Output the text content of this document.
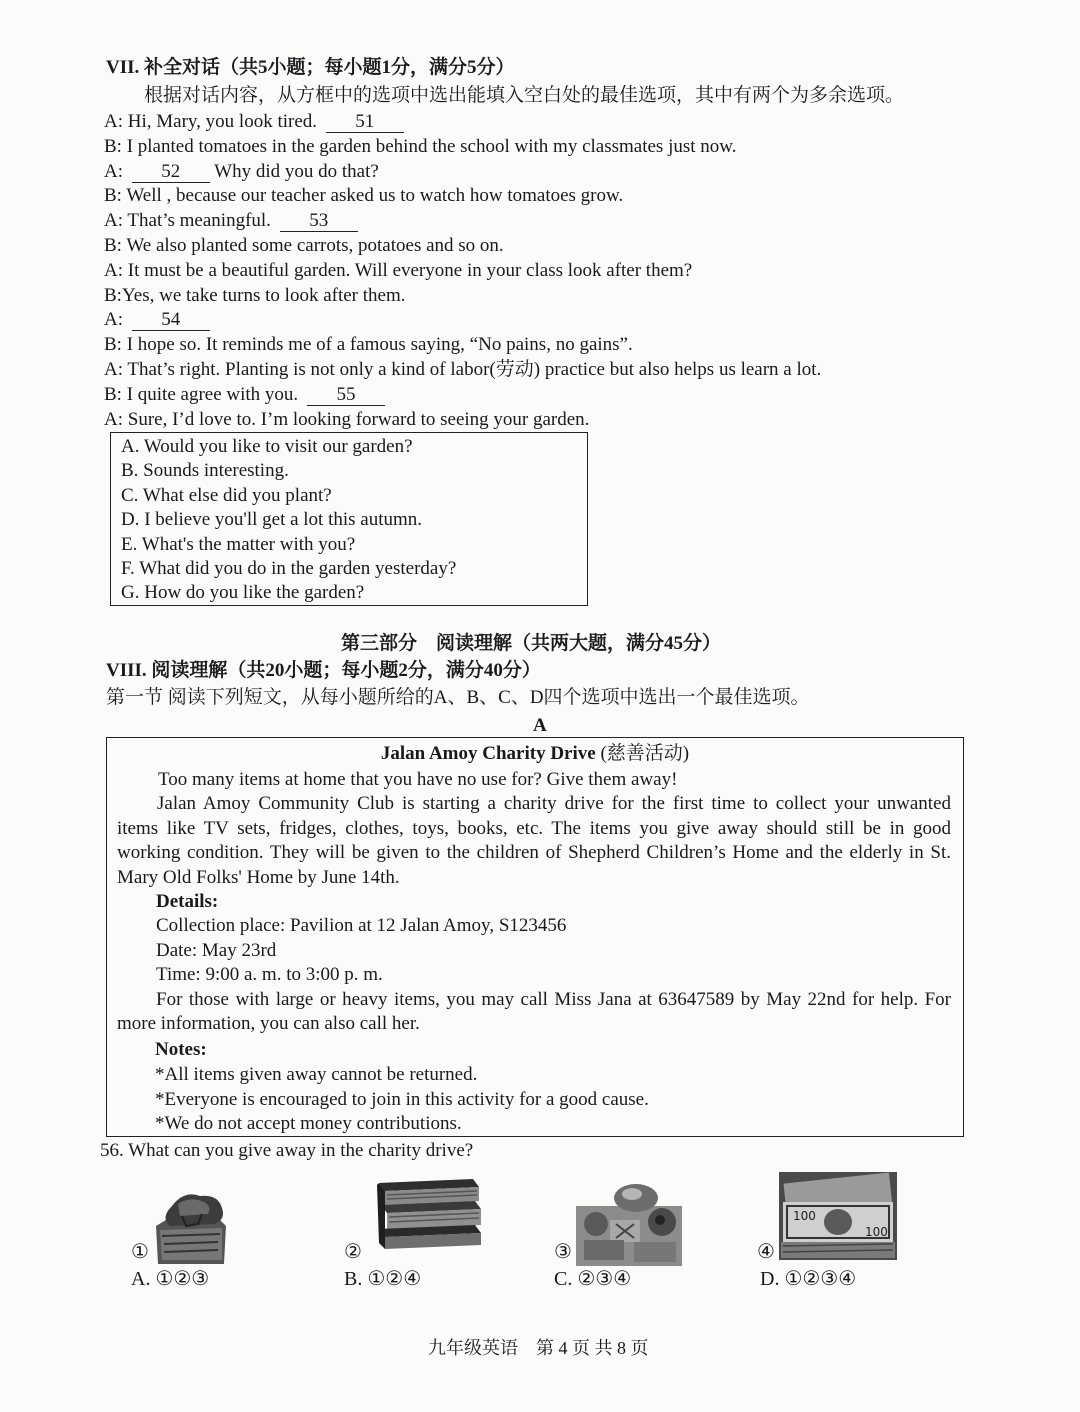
VII. 补全对话（共5小题；每小题1分，满分5分）
根据对话内容，从方框中的选项中选出能填入空白处的最佳选项，其中有两个为多余选项。
A: Hi, Mary, you look tired. 51
B: I planted tomatoes in the garden behind the school with my classmates just now.
A: 52 Why did you do that?
B: Well , because our teacher asked us to watch how tomatoes grow.
A: That’s meaningful. 53
B: We also planted some carrots, potatoes and so on.
A: It must be a beautiful garden. Will everyone in your class look after them?
B:Yes, we take turns to look after them.
A: 54
B: I hope so. It reminds me of a famous saying, “No pains, no gains”.
A: That’s right. Planting is not only a kind of labor(劳动) practice but also helps us learn a lot.
B: I quite agree with you. 55
A: Sure, I’d love to. I’m looking forward to seeing your garden.
A. Would you like to visit our garden?
B. Sounds interesting.
C. What else did you plant?
D. I believe you'll get a lot this autumn.
E. What's the matter with you?
F. What did you do in the garden yesterday?
G. How do you like the garden?
第三部分　阅读理解（共两大题，满分45分）
VIII. 阅读理解（共20小题；每小题2分，满分40分）
第一节 阅读下列短文，从每小题所给的A、B、C、D四个选项中选出一个最佳选项。
A
Jalan Amoy Charity Drive (慈善活动)
Too many items at home that you have no use for? Give them away!
Jalan Amoy Community Club is starting a charity drive for the first time to collect your unwanted
items like TV sets, fridges, clothes, toys, books, etc. The items you give away should still be in good
working condition. They will be given to the children of Shepherd Children’s Home and the elderly in St.
Mary Old Folks' Home by June 14th.
Details:
Collection place: Pavilion at 12 Jalan Amoy, S123456
Date: May 23rd
Time: 9:00 a. m. to 3:00 p. m.
For those with large or heavy items, you may call Miss Jana at 63647589 by May 22nd for help. For
more information, you can also call her.
Notes:
*All items given away cannot be returned.
*Everyone is encouraged to join in this activity for a good cause.
*We do not accept money contributions.
56. What can you give away in the charity drive?
①	②	③	④
100
100
A. ①②③	B. ①②④	C. ②③④	D. ①②③④
九年级英语　第 4 页 共 8 页
